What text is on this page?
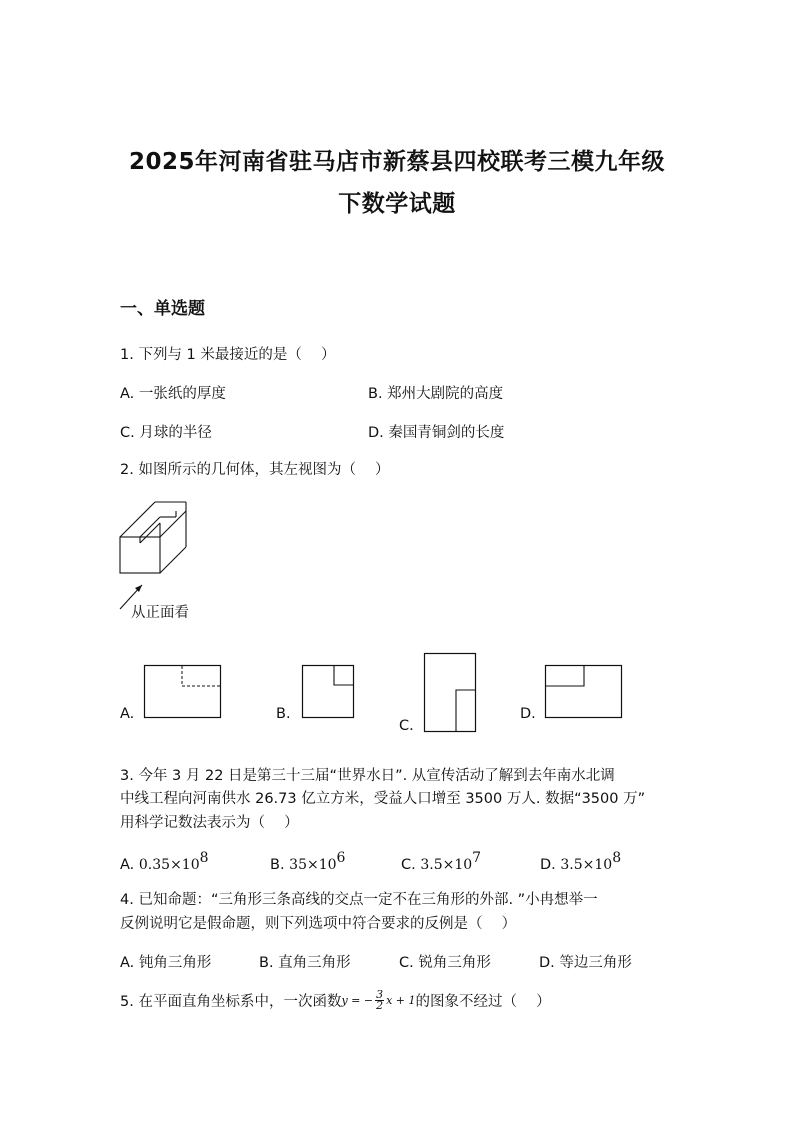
2025年河南省驻马店市新蔡县四校联考三模九年级
下数学试题
一、单选题
1. 下列与 1 米最接近的是（　 ）
A. 一张纸的厚度	B. 郑州大剧院的高度
C. 月球的半径	D. 秦国青铜剑的长度
2. 如图所示的几何体，其左视图为（　 ）
从正面看
A.	B.
C.
D.
3. 今年 3 月 22 日是第三十三届“世界水日”. 从宣传活动了解到去年南水北调
中线工程向河南供水 26.73 亿立方米，受益人口增至 3500 万人. 数据“3500 万”
用科学记数法表示为（　 ）
A. $0.35\times 10^8$	B. $35\times 10^6$	C. $3.5\times 10^7$	D. $3.5\times 10^8$
4. 已知命题：“三角形三条高线的交点一定不在三角形的外部. ”小冉想举一
反例说明它是假命题，则下列选项中符合要求的反例是（　 ）
A. 钝角三角形	B. 直角三角形	C. 锐角三角形	D. 等边三角形
5. 在平面直角坐标系中，一次函数 y = − $\frac{3}{2}$ x + 1 的图象不经过（　 ）
